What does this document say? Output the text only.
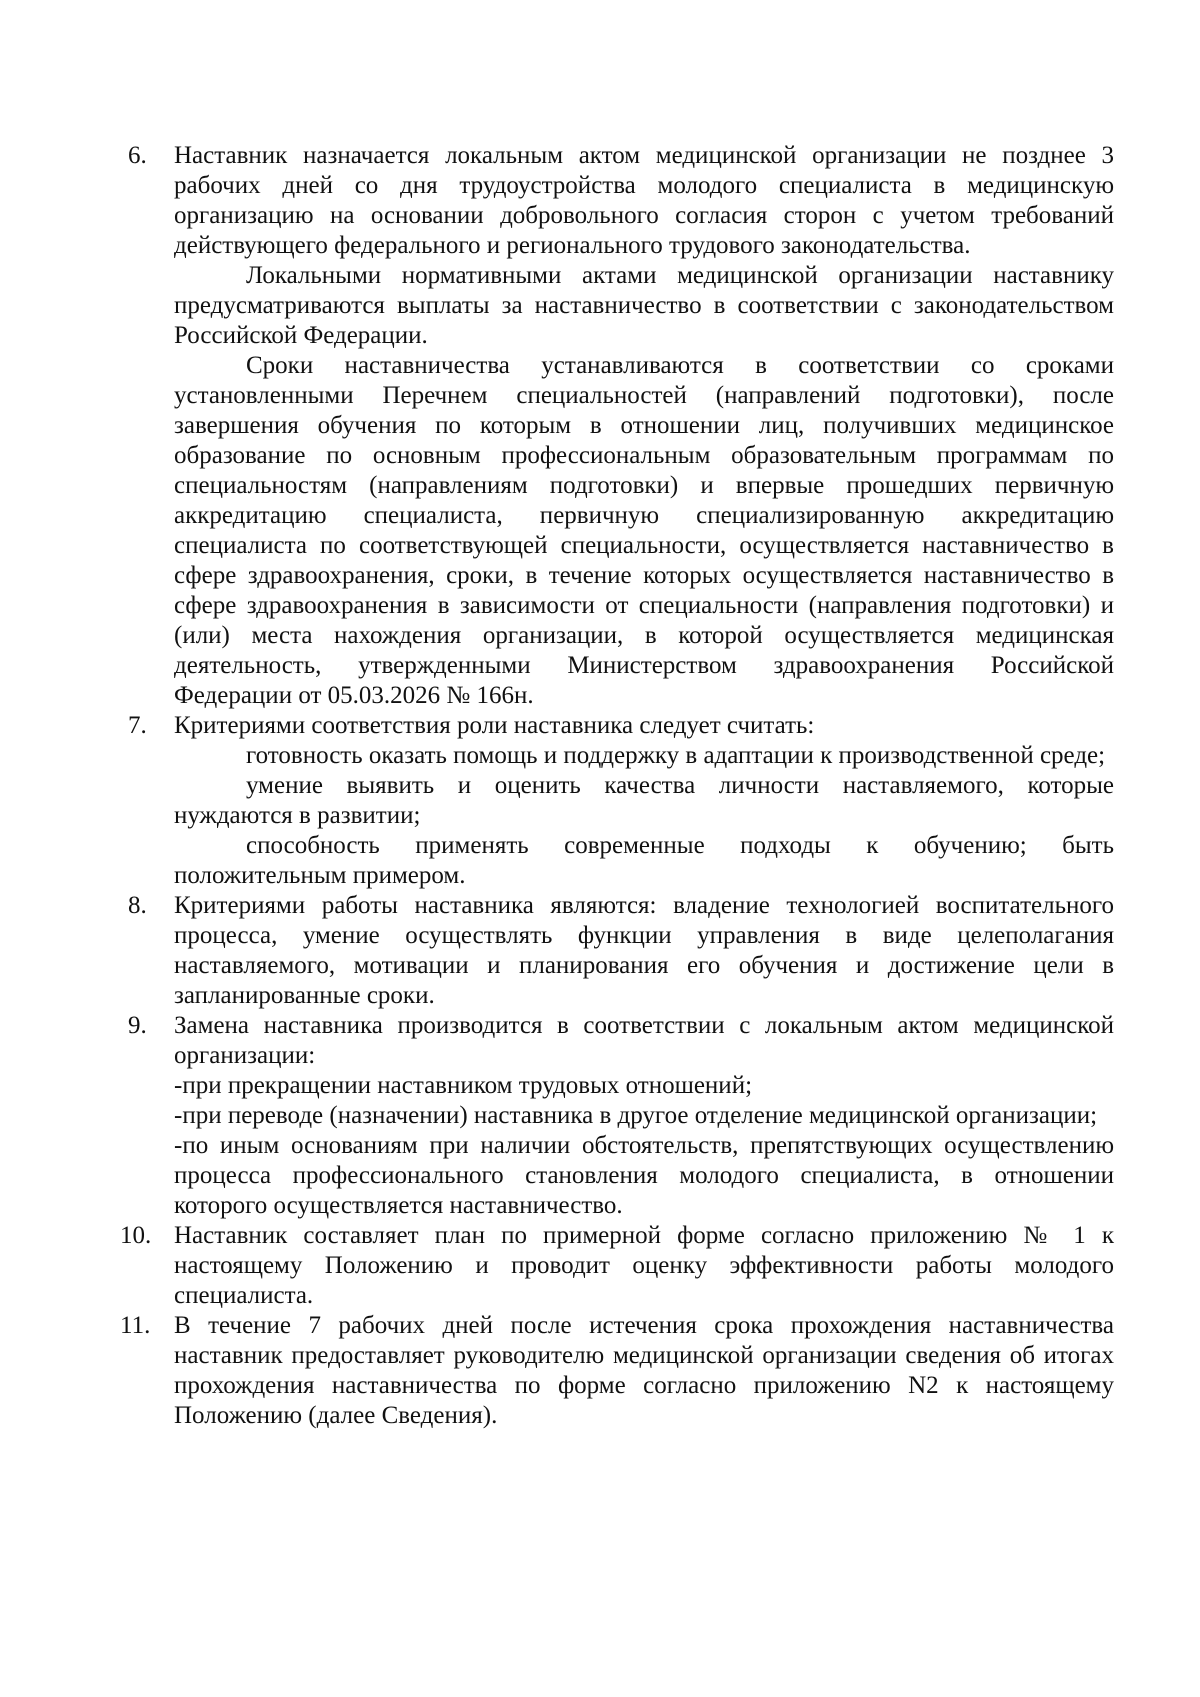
6.	Наставник назначается локальным актом медицинской организации не позднее 3 рабочих дней со дня трудоустройства молодого специалиста в медицинскую организацию на основании добровольного согласия сторон с учетом требований действующего федерального и регионального трудового законодательства.

Локальными нормативными актами медицинской организации наставнику предусматриваются выплаты за наставничество в соответствии с законодательством Российской Федерации.

Сроки наставничества устанавливаются в соответствии со сроками установленными Перечнем специальностей (направлений подготовки), после завершения обучения по которым в отношении лиц, получивших медицинское образование по основным профессиональным образовательным программам по специальностям (направлениям подготовки) и впервые прошедших первичную аккредитацию специалиста, первичную специализированную аккредитацию специалиста по соответствующей специальности, осуществляется наставничество в сфере здравоохранения, сроки, в течение которых осуществляется наставничество в сфере здравоохранения в зависимости от специальности (направления подготовки) и (или) места нахождения организации, в которой осуществляется медицинская деятельность, утвержденными Министерством здравоохранения Российской Федерации от 05.03.2026 № 166н.

7.	Критериями соответствия роли наставника следует считать:

готовность оказать помощь и поддержку в адаптации к производственной среде;

умение выявить и оценить качества личности наставляемого, которые нуждаются в развитии;

способность применять современные подходы к обучению; быть положительным примером.

8.	Критериями работы наставника являются: владение технологией воспитательного процесса, умение осуществлять функции управления в виде целеполагания наставляемого, мотивации и планирования его обучения и достижение цели в запланированные сроки.

9.	Замена наставника производится в соответствии с локальным актом медицинской организации:

-при прекращении наставником трудовых отношений;

-при переводе (назначении) наставника в другое отделение медицинской организации;

-по иным основаниям при наличии обстоятельств, препятствующих осуществлению процесса профессионального становления молодого специалиста, в отношении которого осуществляется наставничество.

10. Наставник составляет план по примерной форме согласно приложению № 1 к настоящему Положению и проводит оценку эффективности работы молодого специалиста.

11. В течение 7 рабочих дней после истечения срока прохождения наставничества наставник предоставляет руководителю медицинской организации сведения об итогах прохождения наставничества по форме согласно приложению N2 к настоящему Положению (далее Сведения).
